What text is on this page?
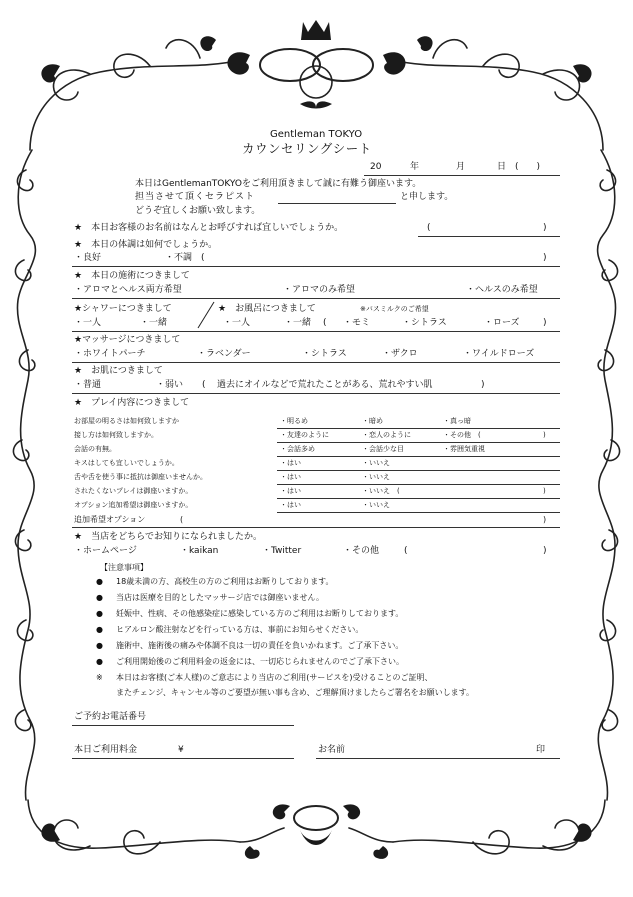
Gentleman TOKYO
カウンセリングシート
20	年	月	日 (　　)
本日はGentlemanTOKYOをご利用頂きまして誠に有難う御座います。
担当させて頂くセラピスト	と申します。
どうぞ宜しくお願い致します。
★　本日お客様のお名前はなんとお呼びすれば宜しいでしょうか。	(	)
★　本日の体調は如何でしょうか。
・良好	・不調　(	)
★　本日の施術につきまして
・アロマとヘルス両方希望	・アロマのみ希望	・ヘルスのみ希望
★シャワーにつきまして
・一人	・一緒
★　お風呂につきまして	※バスミルクのご希望
・一人	・一緒 ( ・モミ	・シトラス	・ローズ	)
★マッサージにつきまして
・ホワイトパーチ	・ラベンダー	・シトラス	・ザクロ	・ワイルドローズ
★　お肌につきまして
・普通	・弱い ( 過去にオイルなどで荒れたことがある、荒れやすい肌	)
★　プレイ内容につきまして
お部屋の明るさは如何致しますか	・明るめ	・暗め	・真っ暗
接し方は如何致しますか。	・友達のように	・恋人のように	・その他　(	)
会話の有無。	・会話多め	・会話少な目	・雰囲気重視
キスはしても宜しいでしょうか。	・はい	・いいえ
舌や舌を使う事に抵抗は御座いませんか。	・はい	・いいえ
されたくないプレイは御座いますか。	・はい	・いいえ　(	)
オプション追加希望は御座いますか。	・はい	・いいえ
追加希望オプション	(	)
★　当店をどちらでお知りになられましたか。
・ホームページ	・kaikan	・Twitter	・その他	(	)
【注意事項】
● 18歳未満の方、高校生の方のご利用はお断りしております。
● 当店は医療を目的としたマッサージ店では御座いません。
● 妊娠中、性病、その他感染症に感染している方のご利用はお断りしております。
● ヒアルロン酸注射などを行っている方は、事前にお知らせください。
● 施術中、施術後の痛みや体調不良は一切の責任を負いかねます。ご了承下さい。
● ご利用開始後のご利用料金の返金には、一切応じられませんのでご了承下さい。
※ 本日はお客様(ご本人様)のご意志により当店のご利用(サービスを)受けることのご証明、
またチェンジ、キャンセル等のご要望が無い事も含め、ご理解頂けましたらご署名をお願いします。
ご予約お電話番号
本日ご利用料金	¥	お名前	印
